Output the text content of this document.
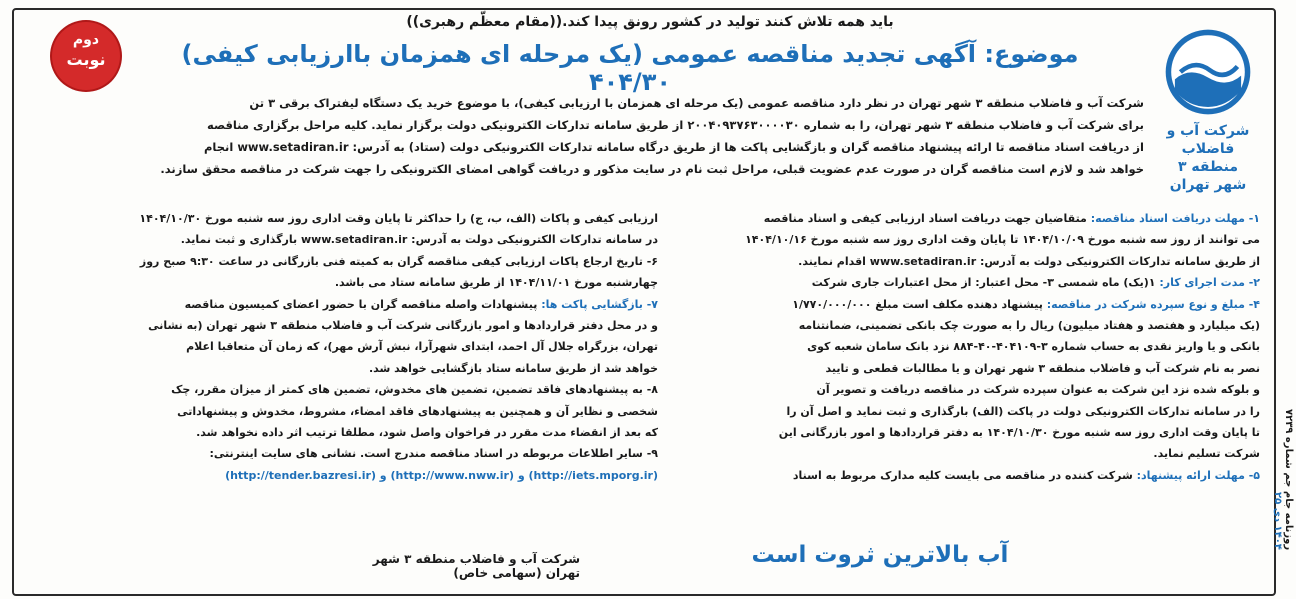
روزنامه جام جم شماره ۷۲۳۹
۱۴۰۴ دی ۲۵
شرکت آب و فاضلاب
منطقه ۳
شهر تهران
دوم
نوبت
باید همه تلاش کنند تولید در کشور رونق پیدا کند.((مقام معظّم رهبری))
موضوع: آگهی تجدید مناقصه عمومی (یک مرحله ای همزمان باارزیابی کیفی) ۴۰۴/۳۰

شرکت آب و فاضلاب منطقه ۳ شهر تهران در نظر دارد مناقصه عمومی (یک مرحله ای همزمان با ارزیابی کیفی)، با موضوع خرید یک دستگاه لیفتراک برقی ۳ تن

برای شرکت آب و فاضلاب منطقه ۳ شهر تهران، را به شماره ۲۰۰۴۰۹۳۷۶۳۰۰۰۰۳۰ از طریق سامانه تدارکات الکترونیکی دولت برگزار نماید. کلیه مراحل برگزاری مناقصه

از دریافت اسناد مناقصه تا ارائه پیشنهاد مناقصه گران و بازگشایی پاکت ها از طریق درگاه سامانه تدارکات الکترونیکی دولت (ستاد) به آدرس: www.setadiran.ir انجام

خواهد شد و لازم است مناقصه گران در صورت عدم عضویت قبلی، مراحل ثبت نام در سایت مذکور و دریافت گواهی امضای الکترونیکی را جهت شرکت در مناقصه محقق سازند.

۱- مهلت دریافت اسناد مناقصه: متقاضیان جهت دریافت اسناد ارزیابی کیفی و اسناد مناقصه

می توانند از روز سه شنبه مورخ ۱۴۰۴/۱۰/۰۹ تا پایان وقت اداری روز سه شنبه مورخ ۱۴۰۴/۱۰/۱۶

از طریق سامانه تدارکات الکترونیکی دولت به آدرس: www.setadiran.ir اقدام نمایند.

۲- مدت اجرای کار: ۱(یک) ماه شمسی ۳- محل اعتبار: از محل اعتبارات جاری شرکت

۴- مبلغ و نوع سپرده شرکت در مناقصه: پیشنهاد دهنده مکلف است مبلغ ۱/۷۷۰/۰۰۰/۰۰۰

(یک میلیارد و هفتصد و هفتاد میلیون) ریال را به صورت چک بانکی تضمینی، ضمانتنامه

بانکی و یا واریز نقدی به حساب شماره ۳-۴۰۴۱۰۹-۴۰-۸۸۴ نزد بانک سامان شعبه کوی

نصر به نام شرکت آب و فاضلاب منطقه ۳ شهر تهران و یا مطالبات قطعی و تایید

و بلوکه شده نزد این شرکت به عنوان سپرده شرکت در مناقصه دریافت و تصویر آن

را در سامانه تدارکات الکترونیکی دولت در پاکت (الف) بارگذاری و ثبت نماید و اصل آن را

تا پایان وقت اداری روز سه شنبه مورخ ۱۴۰۴/۱۰/۳۰ به دفتر قراردادها و امور بازرگانی این

شرکت تسلیم نماید.

۵- مهلت ارائه پیشنهاد: شرکت کننده در مناقصه می بایست کلیه مدارک مربوط به اسناد

ارزیابی کیفی و پاکات (الف، ب، ج) را حداکثر تا پایان وقت اداری روز سه شنبه مورخ ۱۴۰۴/۱۰/۳۰

در سامانه تدارکات الکترونیکی دولت به آدرس: www.setadiran.ir بارگذاری و ثبت نماید.

۶- تاریخ ارجاع پاکات ارزیابی کیفی مناقصه گران به کمیته فنی بازرگانی در ساعت ۹:۳۰ صبح روز

چهارشنبه مورخ ۱۴۰۴/۱۱/۰۱ از طریق سامانه ستاد می باشد.

۷- بازگشایی پاکت ها: پیشنهادات واصله مناقصه گران با حضور اعضای کمیسیون مناقصه

و در محل دفتر قراردادها و امور بازرگانی شرکت آب و فاضلاب منطقه ۳ شهر تهران (به نشانی

تهران، بزرگراه جلال آل احمد، ابتدای شهرآرا، نبش آرش مهر)، که زمان آن متعاقبا اعلام

خواهد شد از طریق سامانه ستاد بازگشایی خواهد شد.

۸- به پیشنهادهای فاقد تضمین، تضمین های مخدوش، تضمین های کمتر از میزان مقرر، چک

شخصی و نظایر آن و همچنین به پیشنهادهای فاقد امضاء، مشروط، مخدوش و پیشنهاداتی

که بعد از انقضاء مدت مقرر در فراخوان واصل شود، مطلقا ترتیب اثر داده نخواهد شد.

۹- سایر اطلاعات مربوطه در اسناد مناقصه مندرج است. نشانی های سایت اینترنتی:

(http://iets.mporg.ir) و (http://www.nww.ir) و (http://tender.bazresi.ir)

آب بالاترین ثروت است
شرکت آب و فاضلاب منطقه ۳ شهر تهران (سهامی خاص)
